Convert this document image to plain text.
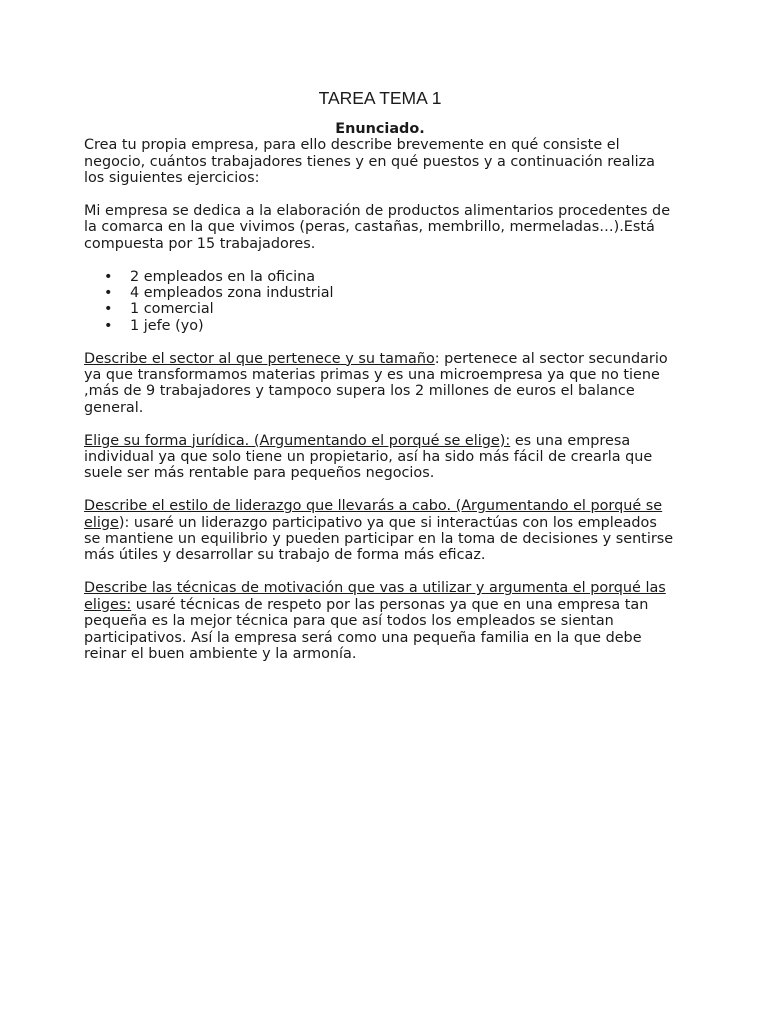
TAREA TEMA 1

Enunciado.

Crea tu propia empresa, para ello describe brevemente en qué consiste el negocio, cuántos trabajadores tienes y en qué puestos y a continuación realiza los siguientes ejercicios:

Mi empresa se dedica a la elaboración de productos alimentarios procedentes de la comarca en la que vivimos (peras, castañas, membrillo, mermeladas…).Está compuesta por 15 trabajadores.

• 2 empleados en la oficina
• 4 empleados zona industrial
• 1 comercial
• 1 jefe (yo)

Describe el sector al que pertenece y su tamaño: pertenece al sector secundario ya que transformamos materias primas y es una microempresa ya que no tiene ,más de 9 trabajadores y tampoco supera los 2 millones de euros el balance general.

Elige su forma jurídica. (Argumentando el porqué se elige): es una empresa individual ya que solo tiene un propietario, así ha sido más fácil de crearla que suele ser más rentable para pequeños negocios.

Describe el estilo de liderazgo que llevarás a cabo. (Argumentando el porqué se elige): usaré un liderazgo participativo ya que si interactúas con los empleados se mantiene un equilibrio y pueden participar en la toma de decisiones y sentirse más útiles y desarrollar su trabajo de forma más eficaz.

Describe las técnicas de motivación que vas a utilizar y argumenta el porqué las eliges: usaré técnicas de respeto por las personas ya que en una empresa tan pequeña es la mejor técnica para que así todos los empleados se sientan participativos. Así la empresa será como una pequeña familia en la que debe reinar el buen ambiente y la armonía.
